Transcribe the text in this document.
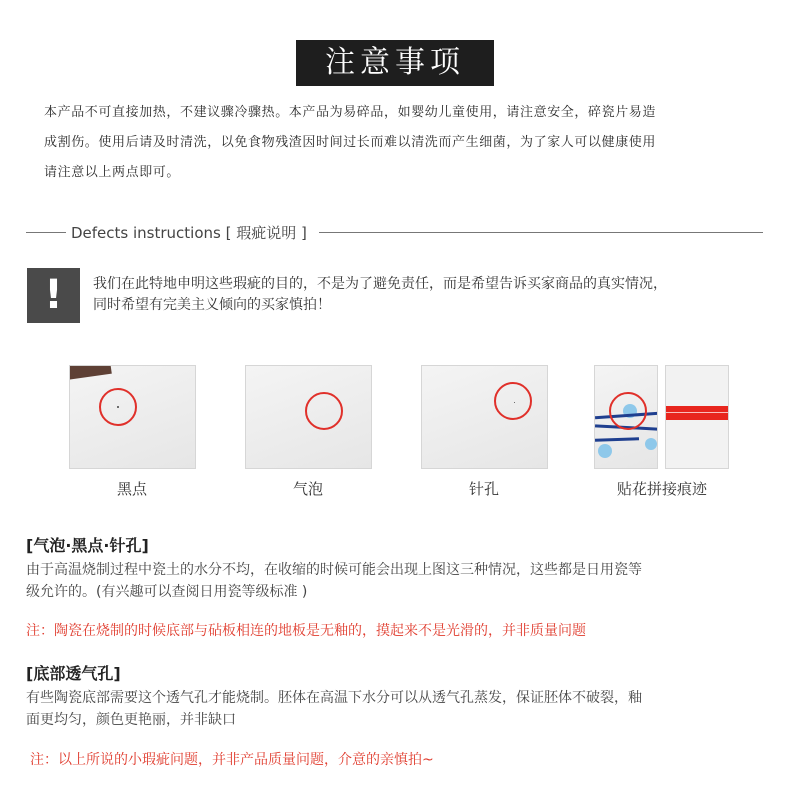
注意事项
本产品不可直接加热，不建议骤冷骤热。本产品为易碎品，如婴幼儿童使用，请注意安全，碎瓷片易造
成割伤。使用后请及时清洗，以免食物残渣因时间过长而难以清洗而产生细菌，为了家人可以健康使用
请注意以上两点即可。
Defects instructions [ 瑕疵说明 ]
!	我们在此特地申明这些瑕疵的目的，不是为了避免责任，而是希望告诉买家商品的真实情况，
同时希望有完美主义倾向的买家慎拍！
黑点	气泡	针孔	贴花拼接痕迹
[气泡·黑点·针孔]
由于高温烧制过程中瓷土的水分不均，在收缩的时候可能会出现上图这三种情况，这些都是日用瓷等
级允许的。(有兴趣可以查阅日用瓷等级标准 )
注：陶瓷在烧制的时候底部与砧板相连的地板是无釉的，摸起来不是光滑的，并非质量问题
[底部透气孔]
有些陶瓷底部需要这个透气孔才能烧制。胚体在高温下水分可以从透气孔蒸发，保证胚体不破裂，釉
面更均匀，颜色更艳丽，并非缺口
注：以上所说的小瑕疵问题，并非产品质量问题，介意的亲慎拍~
